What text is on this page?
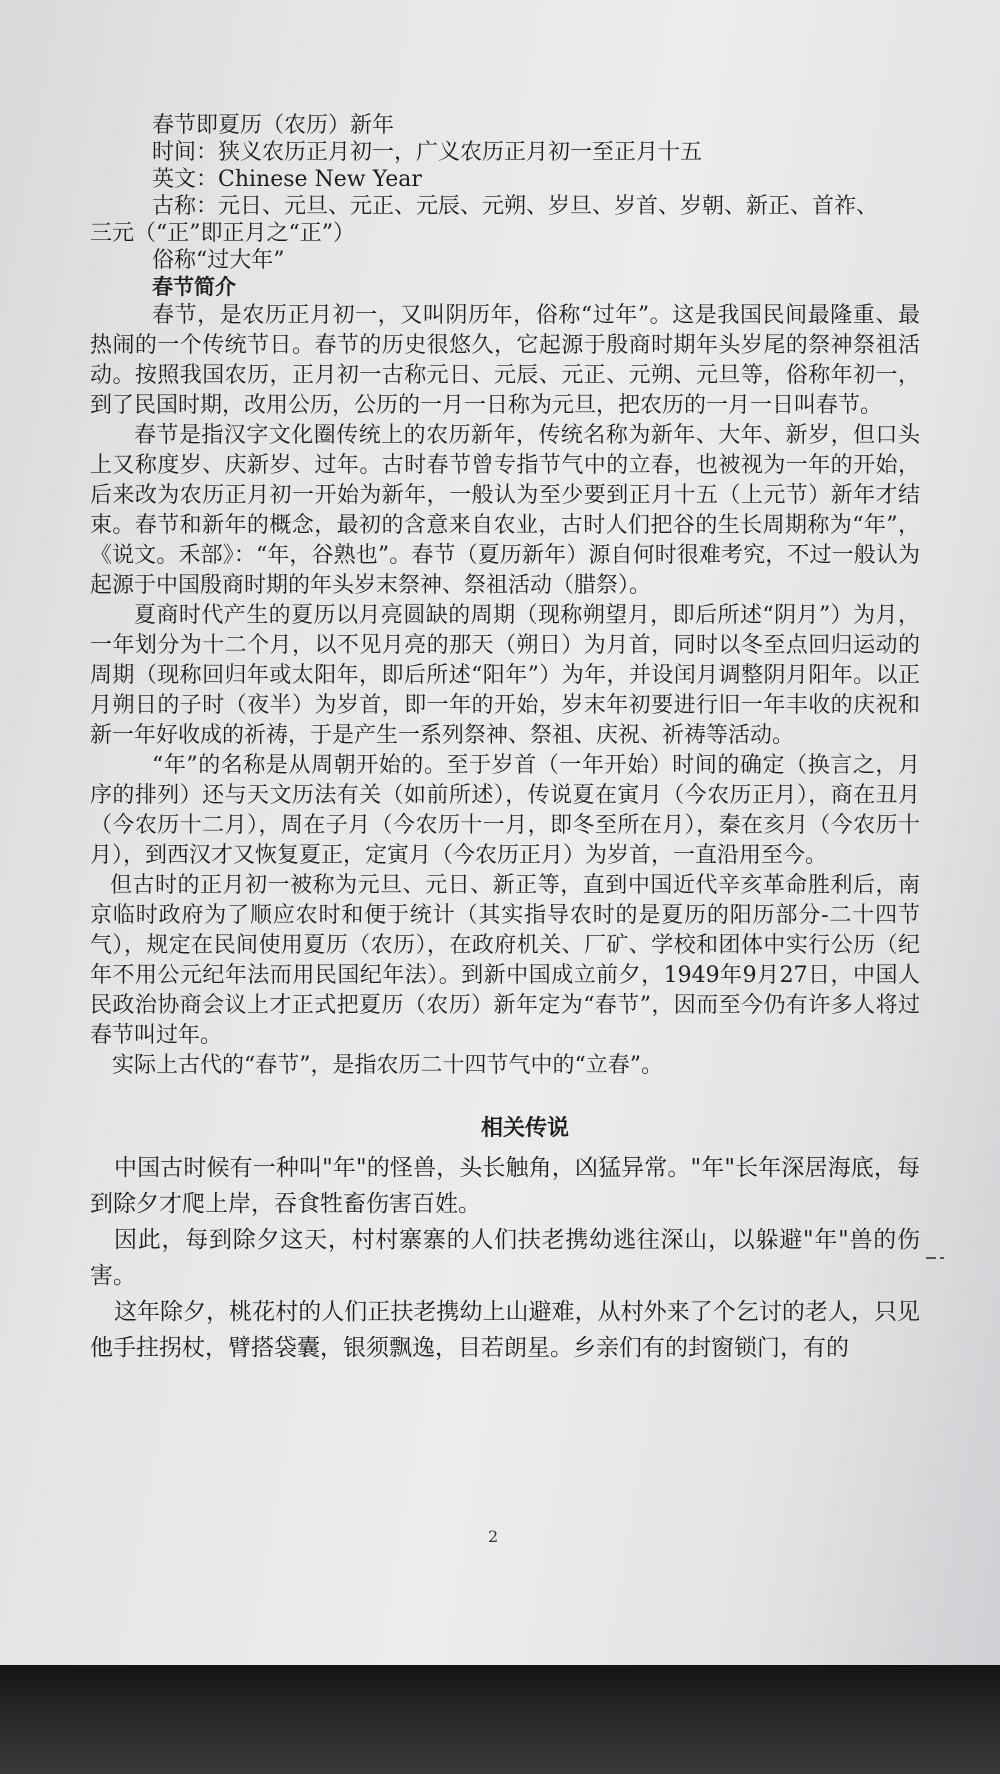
春节即夏历（农历）新年
时间：狭义农历正月初一，广义农历正月初一至正月十五
英文：Chinese New Year
古称：元日、元旦、元正、元辰、元朔、岁旦、岁首、岁朝、新正、首祚、
三元（“正”即正月之“正”）
俗称“过大年”
春节简介

春节，是农历正月初一，又叫阴历年，俗称“过年”。这是我国民间最隆重、最热闹的一个传统节日。春节的历史很悠久，它起源于殷商时期年头岁尾的祭神祭祖活动。按照我国农历，正月初一古称元日、元辰、元正、元朔、元旦等，俗称年初一，到了民国时期，改用公历，公历的一月一日称为元旦，把农历的一月一日叫春节。

春节是指汉字文化圈传统上的农历新年，传统名称为新年、大年、新岁，但口头上又称度岁、庆新岁、过年。古时春节曾专指节气中的立春，也被视为一年的开始，后来改为农历正月初一开始为新年，一般认为至少要到正月十五（上元节）新年才结束。春节和新年的概念，最初的含意来自农业，古时人们把谷的生长周期称为“年”，《说文。禾部》：“年，谷熟也”。春节（夏历新年）源自何时很难考究，不过一般认为起源于中国殷商时期的年头岁末祭神、祭祖活动（腊祭）。

夏商时代产生的夏历以月亮圆缺的周期（现称朔望月，即后所述“阴月”）为月，一年划分为十二个月，以不见月亮的那天（朔日）为月首，同时以冬至点回归运动的周期（现称回归年或太阳年，即后所述“阳年”）为年，并设闰月调整阴月阳年。以正月朔日的子时（夜半）为岁首，即一年的开始，岁末年初要进行旧一年丰收的庆祝和新一年好收成的祈祷，于是产生一系列祭神、祭祖、庆祝、祈祷等活动。

“年”的名称是从周朝开始的。至于岁首（一年开始）时间的确定（换言之，月序的排列）还与天文历法有关（如前所述），传说夏在寅月（今农历正月），商在丑月（今农历十二月），周在子月（今农历十一月，即冬至所在月），秦在亥月（今农历十月），到西汉才又恢复夏正，定寅月（今农历正月）为岁首，一直沿用至今。

但古时的正月初一被称为元旦、元日、新正等，直到中国近代辛亥革命胜利后，南京临时政府为了顺应农时和便于统计（其实指导农时的是夏历的阳历部分-二十四节气），规定在民间使用夏历（农历），在政府机关、厂矿、学校和团体中实行公历（纪年不用公元纪年法而用民国纪年法）。到新中国成立前夕，1949年9月27日，中国人民政治协商会议上才正式把夏历（农历）新年定为“春节”，因而至今仍有许多人将过春节叫过年。

实际上古代的“春节”，是指农历二十四节气中的“立春”。

相关传说

中国古时候有一种叫"年"的怪兽，头长触角，凶猛异常。"年"长年深居海底，每到除夕才爬上岸，吞食牲畜伤害百姓。

因此，每到除夕这天，村村寨寨的人们扶老携幼逃往深山，以躲避"年"兽的伤害。

这年除夕，桃花村的人们正扶老携幼上山避难，从村外来了个乞讨的老人，只见他手拄拐杖，臂搭袋囊，银须飘逸，目若朗星。乡亲们有的封窗锁门，有的

2
